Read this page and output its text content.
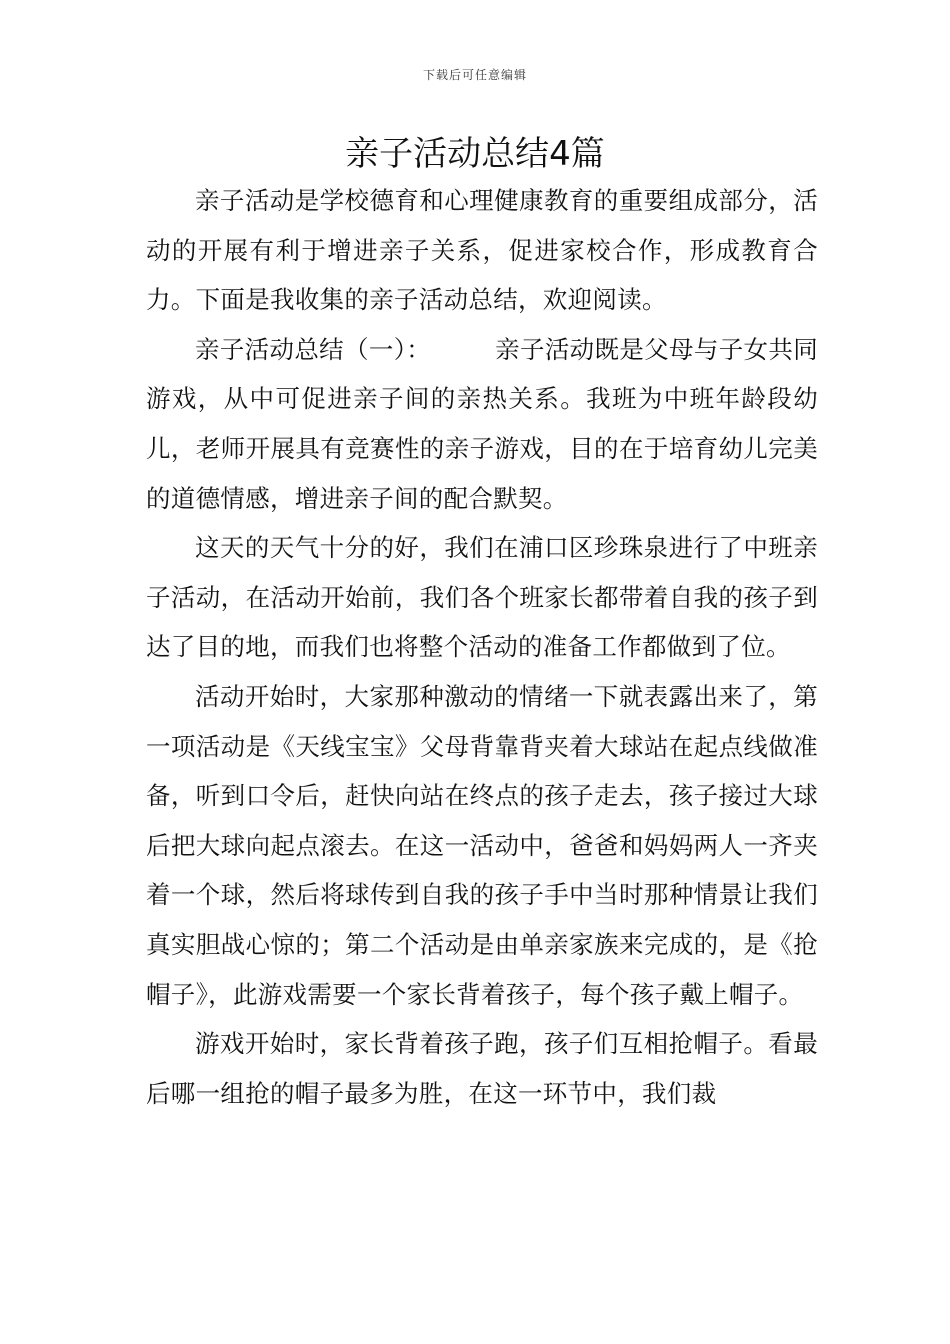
下载后可任意编辑
亲子活动总结4篇

亲子活动是学校德育和心理健康教育的重要组成部分，活动的开展有利于增进亲子关系，促进家校合作，形成教育合力。下面是我收集的亲子活动总结，欢迎阅读。

亲子活动总结（一）：	亲子活动既是父母与子女共同游戏，从中可促进亲子间的亲热关系。我班为中班年龄段幼儿，老师开展具有竞赛性的亲子游戏，目的在于培育幼儿完美的道德情感，增进亲子间的配合默契。

这天的天气十分的好，我们在浦口区珍珠泉进行了中班亲子活动，在活动开始前，我们各个班家长都带着自我的孩子到达了目的地，而我们也将整个活动的准备工作都做到了位。

活动开始时，大家那种激动的情绪一下就表露出来了，第一项活动是《天线宝宝》父母背靠背夹着大球站在起点线做准备，听到口令后，赶快向站在终点的孩子走去，孩子接过大球后把大球向起点滚去。在这一活动中，爸爸和妈妈两人一齐夹着一个球，然后将球传到自我的孩子手中当时那种情景让我们真实胆战心惊的；第二个活动是由单亲家族来完成的，是《抢帽子》，此游戏需要一个家长背着孩子，每个孩子戴上帽子。

游戏开始时，家长背着孩子跑，孩子们互相抢帽子。看最后哪一组抢的帽子最多为胜，在这一环节中，我们裁
